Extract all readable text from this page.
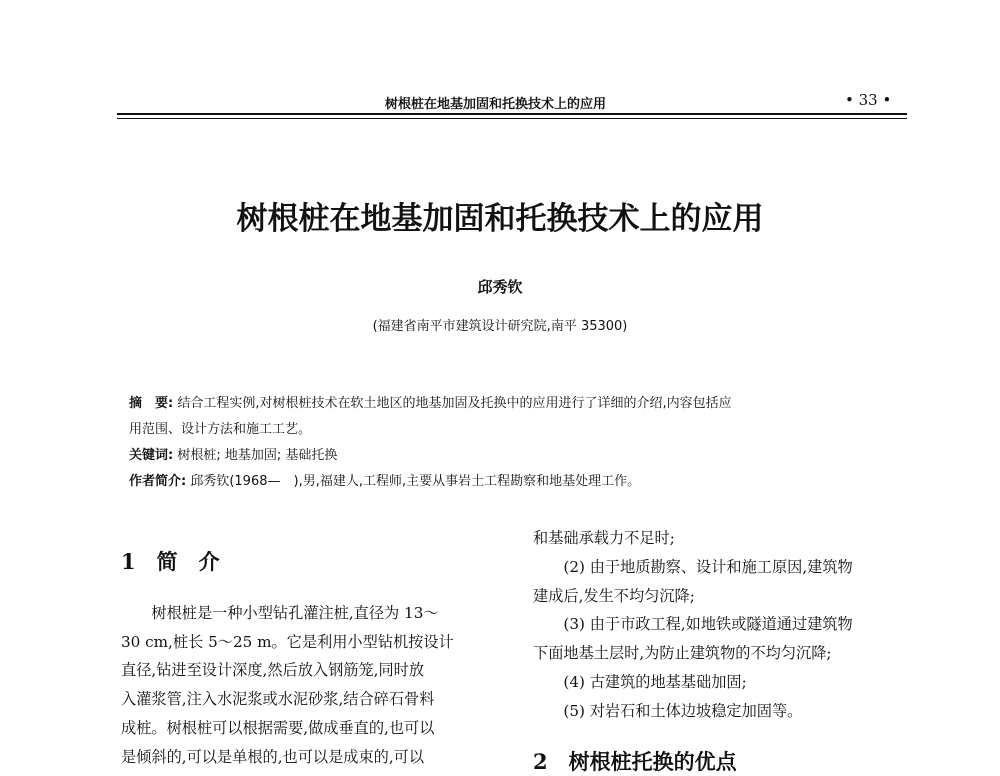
树根桩在地基加固和托换技术上的应用	• 33 •
树根桩在地基加固和托换技术上的应用
邱秀钦
(福建省南平市建筑设计研究院,南平 35300)
摘　要: 结合工程实例,对树根桩技术在软土地区的地基加固及托换中的应用进行了详细的介绍,内容包括应
用范围、设计方法和施工工艺。
关键词: 树根桩; 地基加固; 基础托换
作者简介: 邱秀钦(1968—　),男,福建人,工程师,主要从事岩土工程勘察和地基处理工作。
1　简　介

树根桩是一种小型钻孔灌注桩,直径为 13～

30 cm,桩长 5～25 m。它是利用小型钻机按设计

直径,钻进至设计深度,然后放入钢筋笼,同时放

入灌浆管,注入水泥浆或水泥砂浆,结合碎石骨料

成桩。树根桩可以根据需要,做成垂直的,也可以

是倾斜的,可以是单根的,也可以是成束的,可以

和基础承载力不足时;

(2) 由于地质勘察、设计和施工原因,建筑物

建成后,发生不均匀沉降;

(3) 由于市政工程,如地铁或隧道通过建筑物

下面地基土层时,为防止建筑物的不均匀沉降;

(4) 古建筑的地基基础加固;

(5) 对岩石和土体边坡稳定加固等。

2　树根桩托换的优点
